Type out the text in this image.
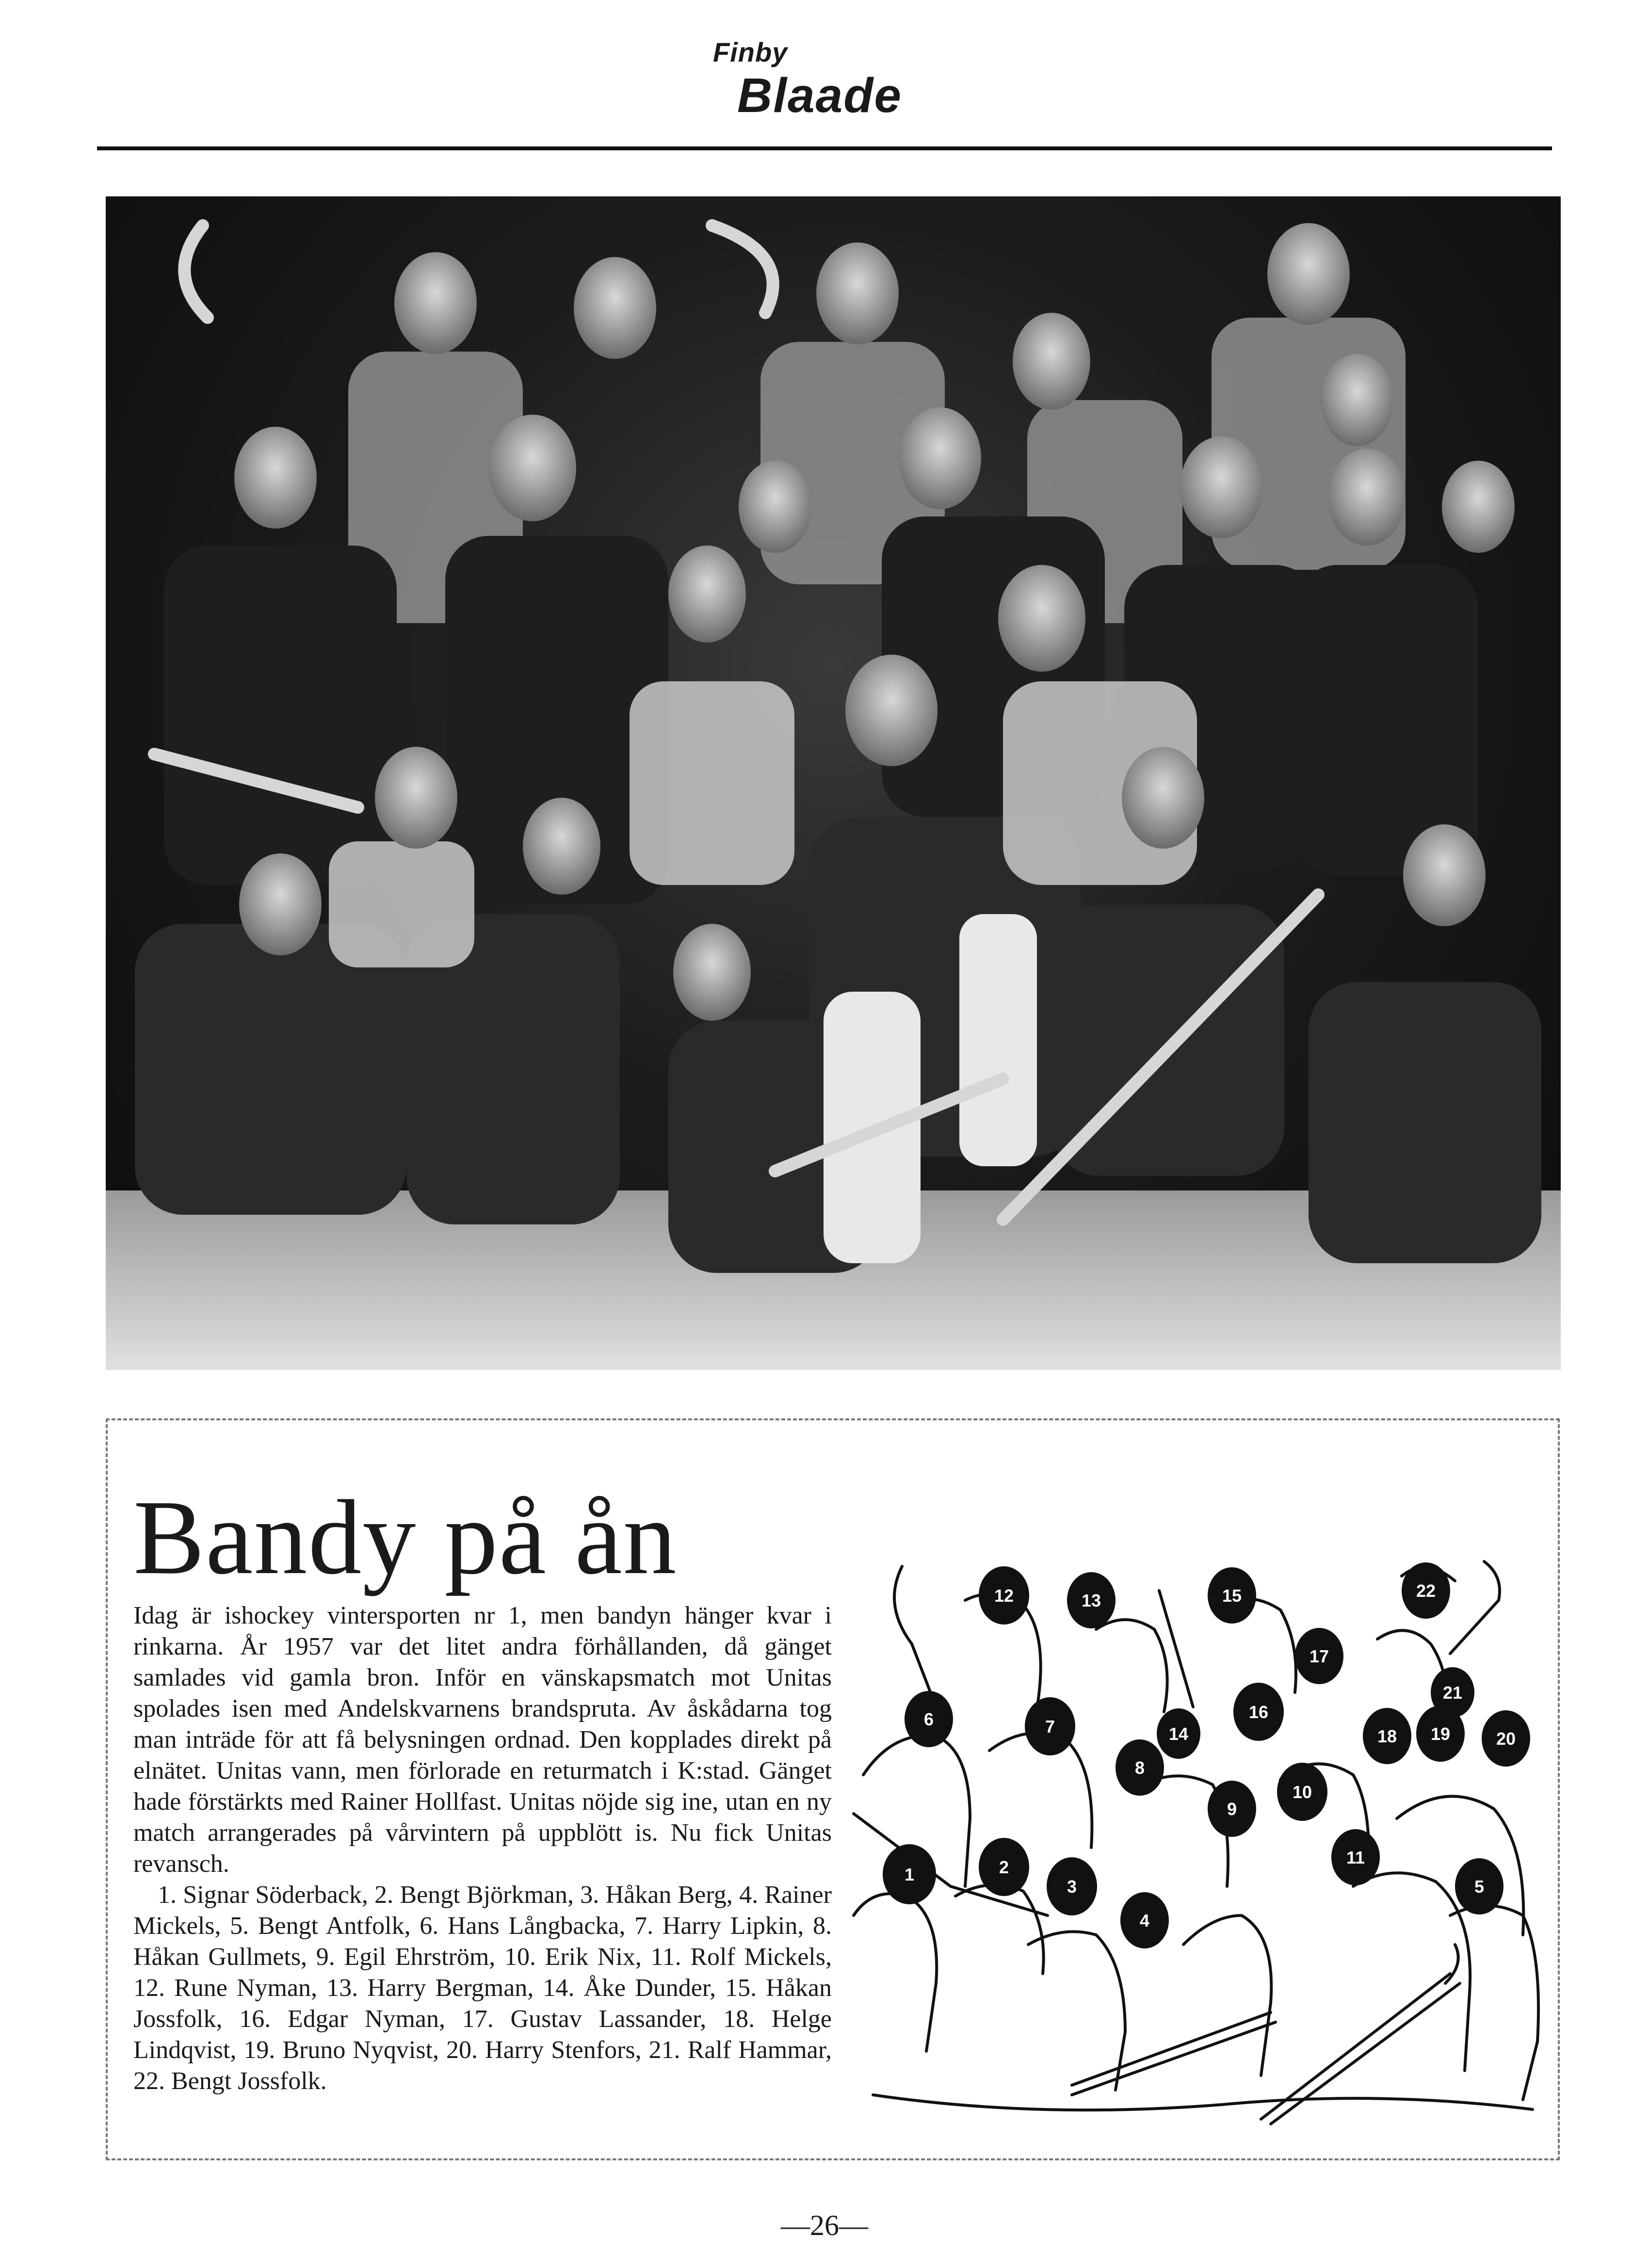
Finby
Blaade
Bandy på ån

Idag är ishockey vintersporten nr 1, men bandyn hänger kvar i rinkarna. År 1957 var det litet andra förhållanden, då gänget samlades vid gamla bron. Inför en vänskapsmatch mot Unitas spolades isen med Andelskvarnens brandspruta. Av åskådarna tog man inträde för att få belysningen ordnad. Den kopplades direkt på elnätet. Unitas vann, men förlorade en returmatch i K:stad. Gänget hade förstärkts med Rainer Hollfast. Unitas nöjde sig ine, utan en ny match arrangerades på vårvintern på uppblött is. Nu fick Unitas revansch.

1. Signar Söderback, 2. Bengt Björkman, 3. Håkan Berg, 4. Rainer Mickels, 5. Bengt Antfolk, 6. Hans Långbacka, 7. Harry Lipkin, 8. Håkan Gullmets, 9. Egil Ehrström, 10. Erik Nix, 11. Rolf Mickels, 12. Rune Nyman, 13. Harry Bergman, 14. Åke Dunder, 15. Håkan Jossfolk, 16. Edgar Nyman, 17. Gustav Lassander, 18. Helge Lindqvist, 19. Bruno Nyqvist, 20. Harry Stenfors, 21. Ralf Hammar, 22. Bengt Jossfolk.

1	2
3
4
5
6	7
8
9
10
11
12	13
14
15
16
17
18 19	20
21
22
—26—
